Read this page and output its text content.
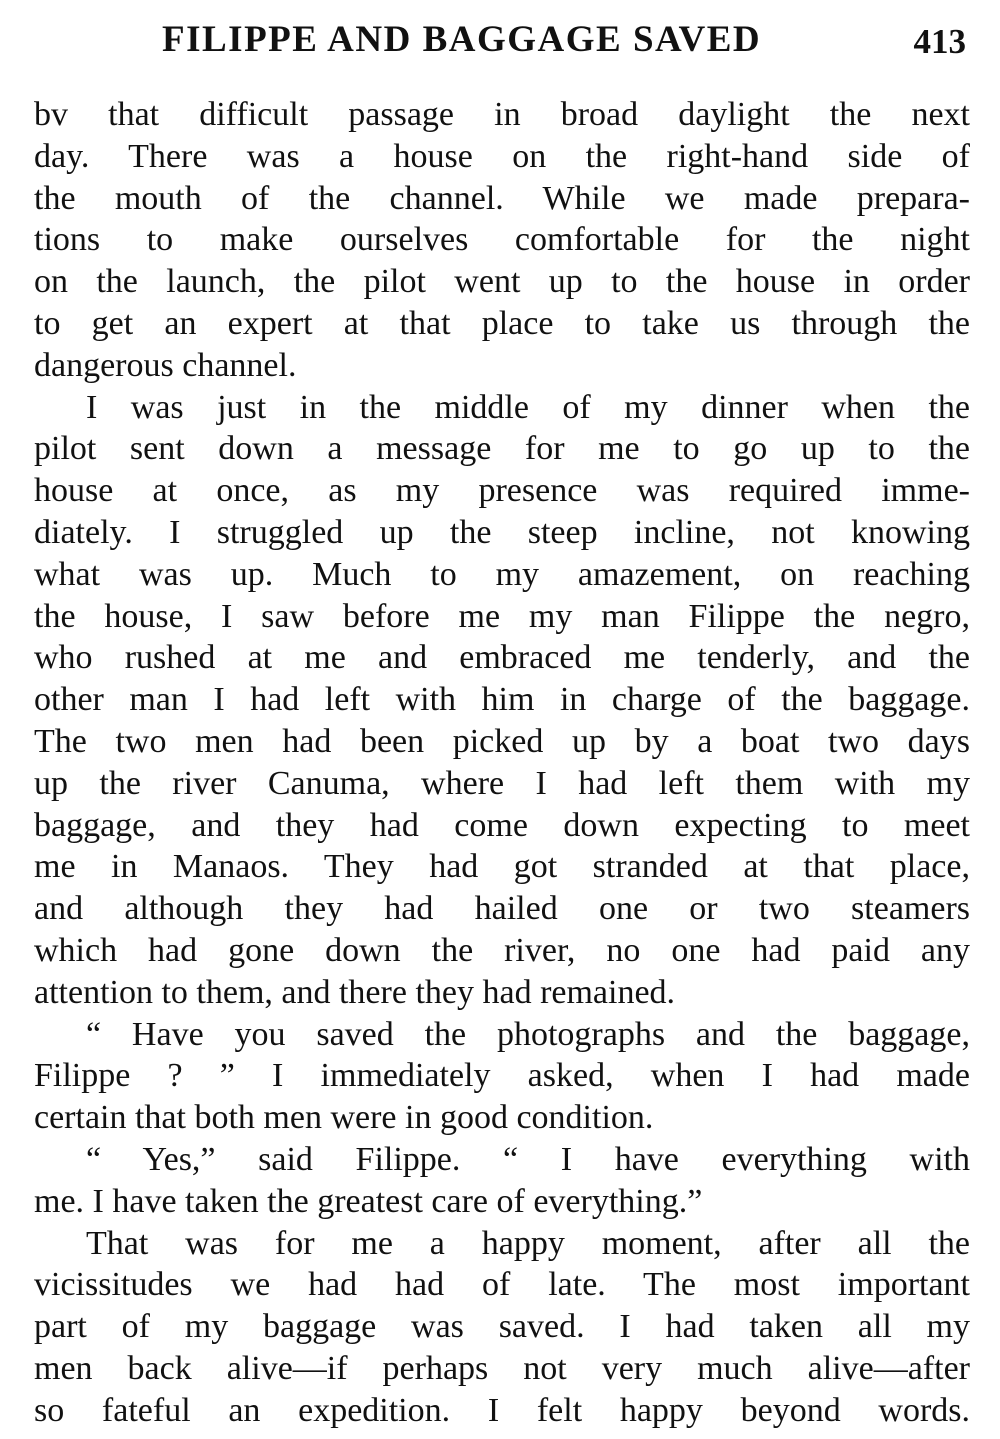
FILIPPE AND BAGGAGE SAVED	413
bv that difficult passage in broad daylight the next
day. There was a house on the right-hand side of
the mouth of the channel. While we made prepara-
tions to make ourselves comfortable for the night
on the launch, the pilot went up to the house in order
to get an expert at that place to take us through the
dangerous channel.
I was just in the middle of my dinner when the
pilot sent down a message for me to go up to the
house at once, as my presence was required imme-
diately. I struggled up the steep incline, not knowing
what was up. Much to my amazement, on reaching
the house, I saw before me my man Filippe the negro,
who rushed at me and embraced me tenderly, and the
other man I had left with him in charge of the baggage.
The two men had been picked up by a boat two days
up the river Canuma, where I had left them with my
baggage, and they had come down expecting to meet
me in Manaos. They had got stranded at that place,
and although they had hailed one or two steamers
which had gone down the river, no one had paid any
attention to them, and there they had remained.
“ Have you saved the photographs and the baggage,
Filippe ? ” I immediately asked, when I had made
certain that both men were in good condition.
“ Yes,” said Filippe. “ I have everything with
me. I have taken the greatest care of everything.”
That was for me a happy moment, after all the
vicissitudes we had had of late. The most important
part of my baggage was saved. I had taken all my
men back alive—if perhaps not very much alive—after
so fateful an expedition. I felt happy beyond words.
